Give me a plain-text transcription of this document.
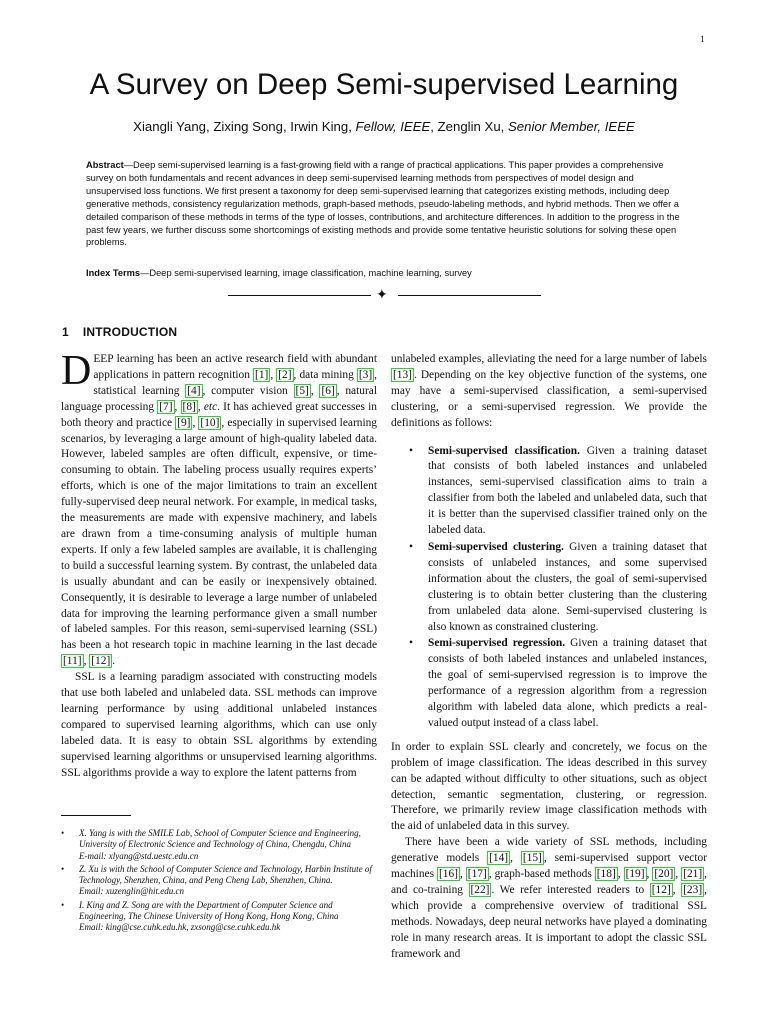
1
A Survey on Deep Semi-supervised Learning
Xiangli Yang, Zixing Song, Irwin King, Fellow, IEEE, Zenglin Xu, Senior Member, IEEE
Abstract—Deep semi-supervised learning is a fast-growing field with a range of practical applications. This paper provides a comprehensive survey on both fundamentals and recent advances in deep semi-supervised learning methods from perspectives of model design and unsupervised loss functions. We first present a taxonomy for deep semi-supervised learning that categorizes existing methods, including deep generative methods, consistency regularization methods, graph-based methods, pseudo-labeling methods, and hybrid methods. Then we offer a detailed comparison of these methods in terms of the type of losses, contributions, and architecture differences. In addition to the progress in the past few years, we further discuss some shortcomings of existing methods and provide some tentative heuristic solutions for solving these open problems.
Index Terms—Deep semi-supervised learning, image classification, machine learning, survey
✦
1 INTRODUCTION

DEEP learning has been an active research field with abundant applications in pattern recognition [1] , [2] , data mining [3] , statistical learning [4] , computer vision [5] , [6] , natural language processing [7] , [8] , etc. It has achieved great successes in both theory and practice [9] , [10] , especially in supervised learning scenarios, by leveraging a large amount of high-quality labeled data. However, labeled samples are often difficult, expensive, or time-consuming to obtain. The labeling process usually requires experts’ efforts, which is one of the major limitations to train an excellent fully-supervised deep neural network. For example, in medical tasks, the measurements are made with expensive machinery, and labels are drawn from a time-consuming analysis of multiple human experts. If only a few labeled samples are available, it is challenging to build a successful learning system. By contrast, the unlabeled data is usually abundant and can be easily or inexpensively obtained. Consequently, it is desirable to leverage a large number of unlabeled data for improving the learning performance given a small number of labeled samples. For this reason, semi-supervised learning (SSL) has been a hot research topic in machine learning in the last decade [11] , [12] .

SSL is a learning paradigm associated with constructing models that use both labeled and unlabeled data. SSL methods can improve learning performance by using additional unlabeled instances compared to supervised learning algorithms, which can use only labeled data. It is easy to obtain SSL algorithms by extending supervised learning algorithms or unsupervised learning algorithms. SSL algorithms provide a way to explore the latent patterns from

• X. Yang is with the SMILE Lab, School of Computer Science and Engineering, University of Electronic Science and Technology of China, Chengdu, China
E-mail: xlyang@std.uestc.edu.cn
• Z. Xu is with the School of Computer Science and Technology, Harbin Institute of Technology, Shenzhen, China, and Peng Cheng Lab, Shenzhen, China.
Email: xuzenglin@hit.edu.cn
• I. King and Z. Song are with the Department of Computer Science and Engineering, The Chinese University of Hong Kong, Hong Kong, China
Email: king@cse.cuhk.edu.hk, zxsong@cse.cuhk.edu.hk

unlabeled examples, alleviating the need for a large number of labels [13] . Depending on the key objective function of the systems, one may have a semi-supervised classification, a semi-supervised clustering, or a semi-supervised regression. We provide the definitions as follows:

• Semi-supervised classification. Given a training dataset that consists of both labeled instances and unlabeled instances, semi-supervised classification aims to train a classifier from both the labeled and unlabeled data, such that it is better than the supervised classifier trained only on the labeled data.
• Semi-supervised clustering. Given a training dataset that consists of unlabeled instances, and some supervised information about the clusters, the goal of semi-supervised clustering is to obtain better clustering than the clustering from unlabeled data alone. Semi-supervised clustering is also known as constrained clustering.
• Semi-supervised regression. Given a training dataset that consists of both labeled instances and unlabeled instances, the goal of semi-supervised regression is to improve the performance of a regression algorithm from a regression algorithm with labeled data alone, which predicts a real-valued output instead of a class label.

In order to explain SSL clearly and concretely, we focus on the problem of image classification. The ideas described in this survey can be adapted without difficulty to other situations, such as object detection, semantic segmentation, clustering, or regression. Therefore, we primarily review image classification methods with the aid of unlabeled data in this survey.

There have been a wide variety of SSL methods, including generative models [14] , [15] , semi-supervised support vector machines [16] , [17] , graph-based methods [18] , [19] , [20] , [21] , and co-training [22] . We refer interested readers to [12] , [23] , which provide a comprehensive overview of traditional SSL methods. Nowadays, deep neural networks have played a dominating role in many research areas. It is important to adopt the classic SSL framework and
